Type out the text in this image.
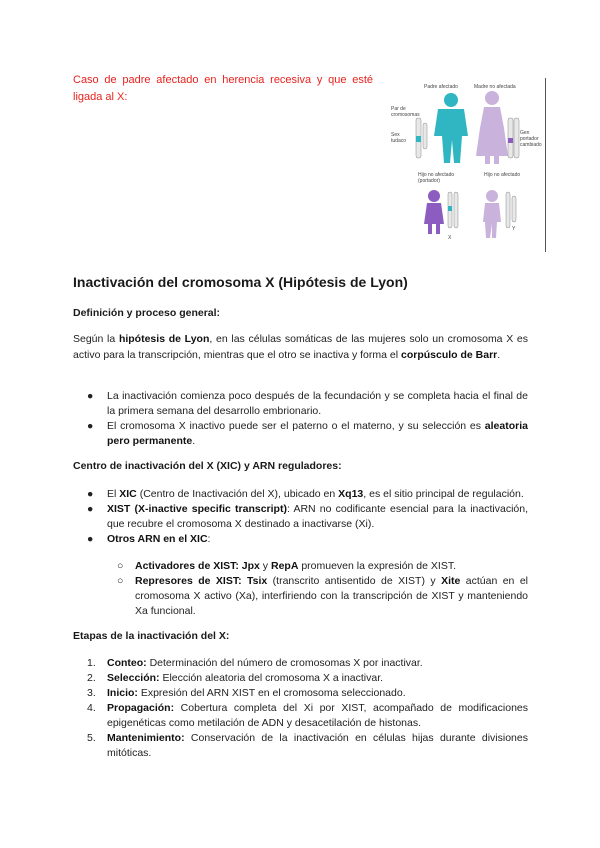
Caso de padre afectado en herencia recesiva y que esté ligada al X:
Padre afectado	Madre no afectada
Par de cromosomas
Sex tudaco
Gen portador cambiado
Hijo no afectado (portador)
Hijo no afectado
X
Y
Inactivación del cromosoma X (Hipótesis de Lyon)

Definición y proceso general:

Según la hipótesis de Lyon, en las células somáticas de las mujeres solo un cromosoma X es activo para la transcripción, mientras que el otro se inactiva y forma el corpúsculo de Barr.

● La inactivación comienza poco después de la fecundación y se completa hacia el final de la primera semana del desarrollo embrionario.
● El cromosoma X inactivo puede ser el paterno o el materno, y su selección es aleatoria pero permanente.

Centro de inactivación del X (XIC) y ARN reguladores:

● El XIC (Centro de Inactivación del X), ubicado en Xq13, es el sitio principal de regulación.
● XIST (X-inactive specific transcript): ARN no codificante esencial para la inactivación, que recubre el cromosoma X destinado a inactivarse (Xi).
● Otros ARN en el XIC:
○ Activadores de XIST: Jpx y RepA promueven la expresión de XIST.
○ Represores de XIST: Tsix (transcrito antisentido de XIST) y Xite actúan en el cromosoma X activo (Xa), interfiriendo con la transcripción de XIST y manteniendo Xa funcional.

Etapas de la inactivación del X:

1. Conteo: Determinación del número de cromosomas X por inactivar.
2. Selección: Elección aleatoria del cromosoma X a inactivar.
3. Inicio: Expresión del ARN XIST en el cromosoma seleccionado.
4. Propagación: Cobertura completa del Xi por XIST, acompañado de modificaciones epigenéticas como metilación de ADN y desacetilación de histonas.
5. Mantenimiento: Conservación de la inactivación en células hijas durante divisiones mitóticas.
